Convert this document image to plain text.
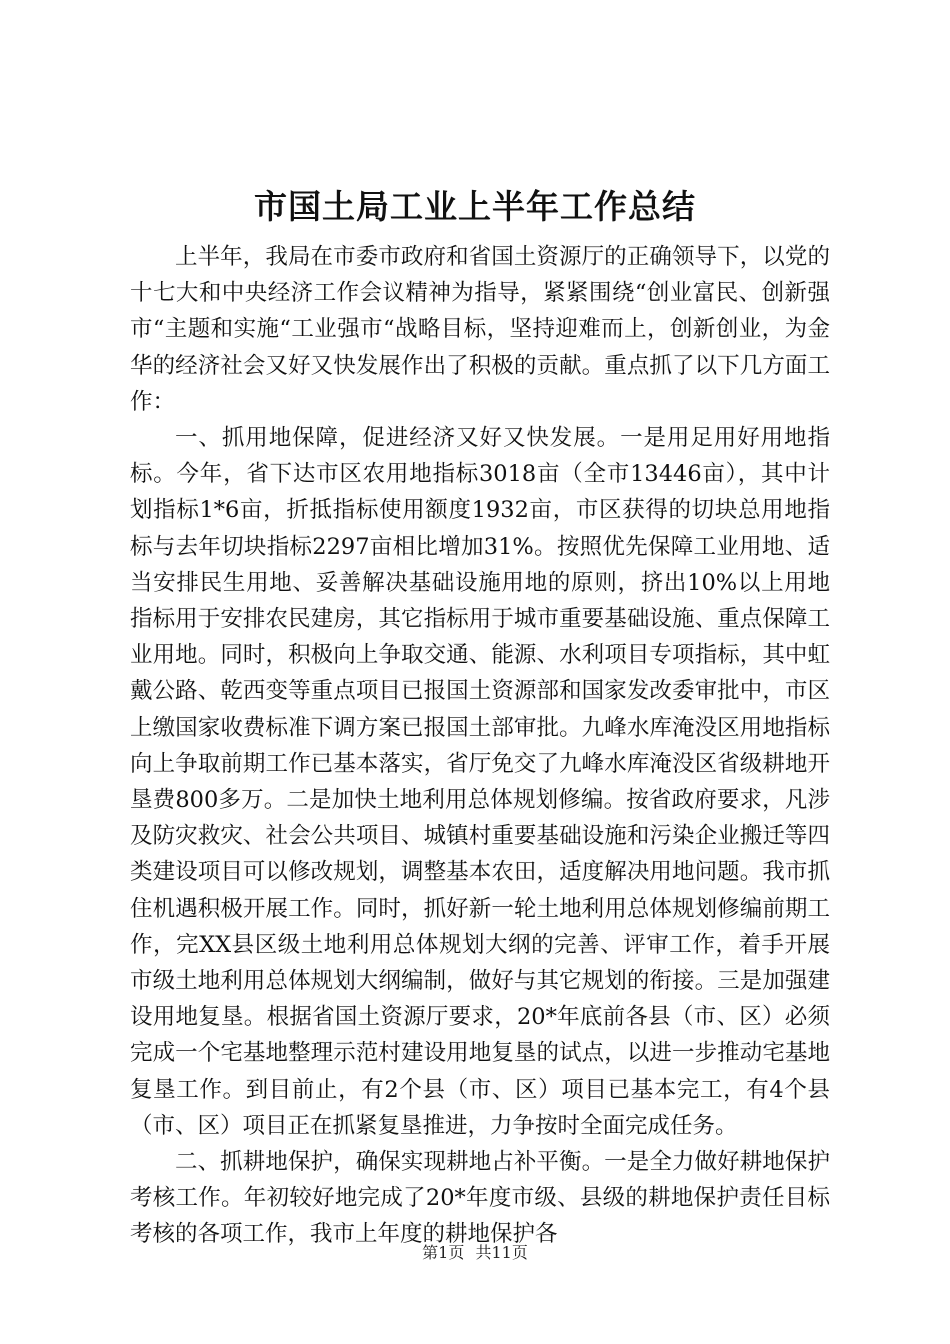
市国土局工业上半年工作总结

上半年，我局在市委市政府和省国土资源厅的正确领导下，以党的十七大和中央经济工作会议精神为指导，紧紧围绕“创业富民、创新强市“主题和实施“工业强市“战略目标，坚持迎难而上，创新创业，为金华的经济社会又好又快发展作出了积极的贡献。重点抓了以下几方面工作：

一、抓用地保障，促进经济又好又快发展。一是用足用好用地指标。今年，省下达市区农用地指标3018亩（全市13446亩），其中计划指标1*6亩，折抵指标使用额度1932亩，市区获得的切块总用地指标与去年切块指标2297亩相比增加31%。按照优先保障工业用地、适当安排民生用地、妥善解决基础设施用地的原则，挤出10%以上用地指标用于安排农民建房，其它指标用于城市重要基础设施、重点保障工业用地。同时，积极向上争取交通、能源、水利项目专项指标，其中虹戴公路、乾西变等重点项目已报国土资源部和国家发改委审批中，市区上缴国家收费标准下调方案已报国土部审批。九峰水库淹没区用地指标向上争取前期工作已基本落实，省厅免交了九峰水库淹没区省级耕地开垦费800多万。二是加快土地利用总体规划修编。按省政府要求，凡涉及防灾救灾、社会公共项目、城镇村重要基础设施和污染企业搬迁等四类建设项目可以修改规划，调整基本农田，适度解决用地问题。我市抓住机遇积极开展工作。同时，抓好新一轮土地利用总体规划修编前期工作，完XX县区级土地利用总体规划大纲的完善、评审工作，着手开展市级土地利用总体规划大纲编制，做好与其它规划的衔接。三是加强建设用地复垦。根据省国土资源厅要求，20*年底前各县（市、区）必须完成一个宅基地整理示范村建设用地复垦的试点，以进一步推动宅基地复垦工作。到目前止，有2个县（市、区）项目已基本完工，有4个县（市、区）项目正在抓紧复垦推进，力争按时全面完成任务。

二、抓耕地保护，确保实现耕地占补平衡。一是全力做好耕地保护考核工作。年初较好地完成了20*年度市级、县级的耕地保护责任目标考核的各项工作，我市上年度的耕地保护各

第1页 共11页
